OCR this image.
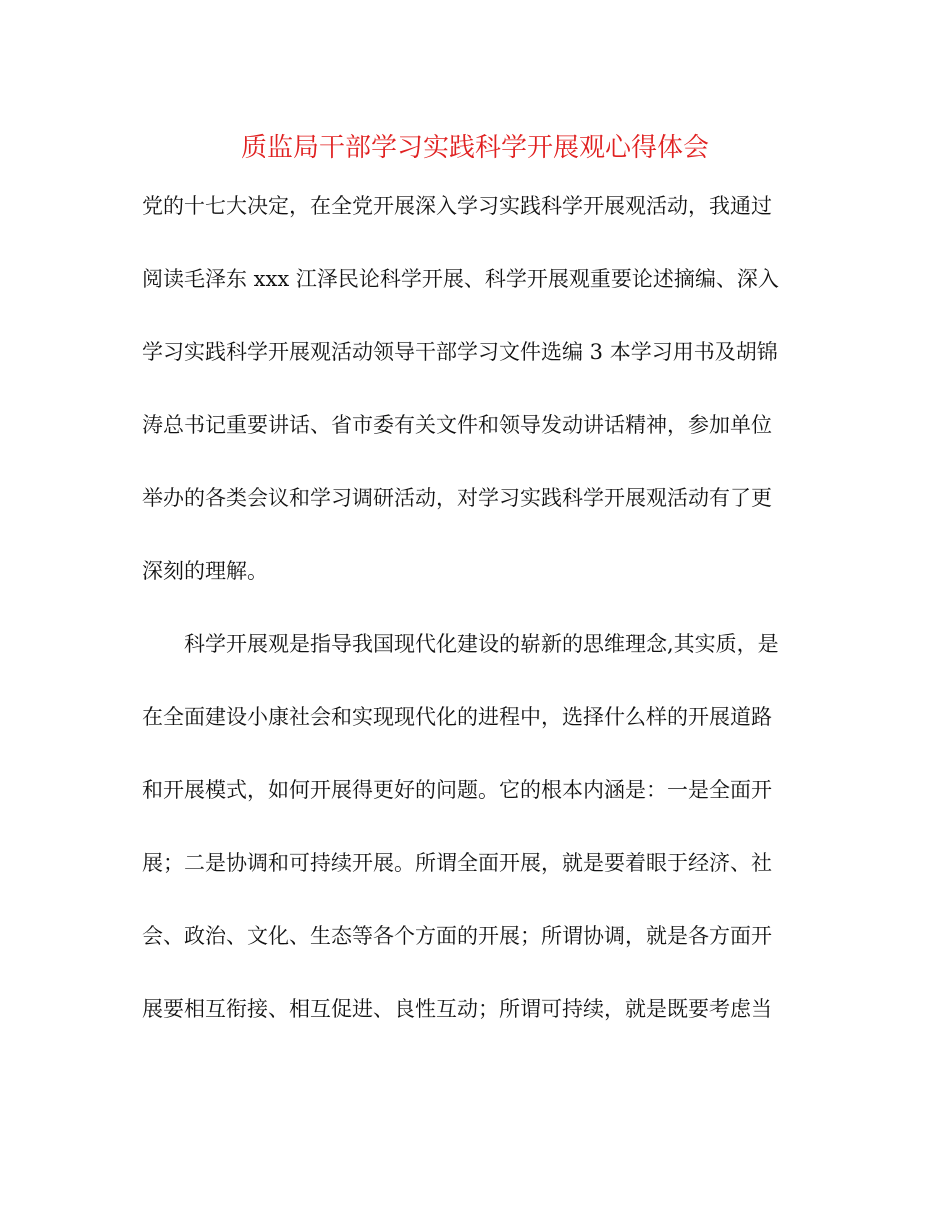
质监局干部学习实践科学开展观心得体会
党的十七大决定，在全党开展深入学习实践科学开展观活动，我通过
阅读毛泽东 xxx 江泽民论科学开展、科学开展观重要论述摘编、深入
学习实践科学开展观活动领导干部学习文件选编 3 本学习用书及胡锦
涛总书记重要讲话、省市委有关文件和领导发动讲话精神，参加单位
举办的各类会议和学习调研活动，对学习实践科学开展观活动有了更
深刻的理解。
科学开展观是指导我国现代化建设的崭新的思维理念,其实质，是
在全面建设小康社会和实现现代化的进程中，选择什么样的开展道路
和开展模式，如何开展得更好的问题。它的根本内涵是：一是全面开
展；二是协调和可持续开展。所谓全面开展，就是要着眼于经济、社
会、政治、文化、生态等各个方面的开展；所谓协调，就是各方面开
展要相互衔接、相互促进、良性互动；所谓可持续，就是既要考虑当
